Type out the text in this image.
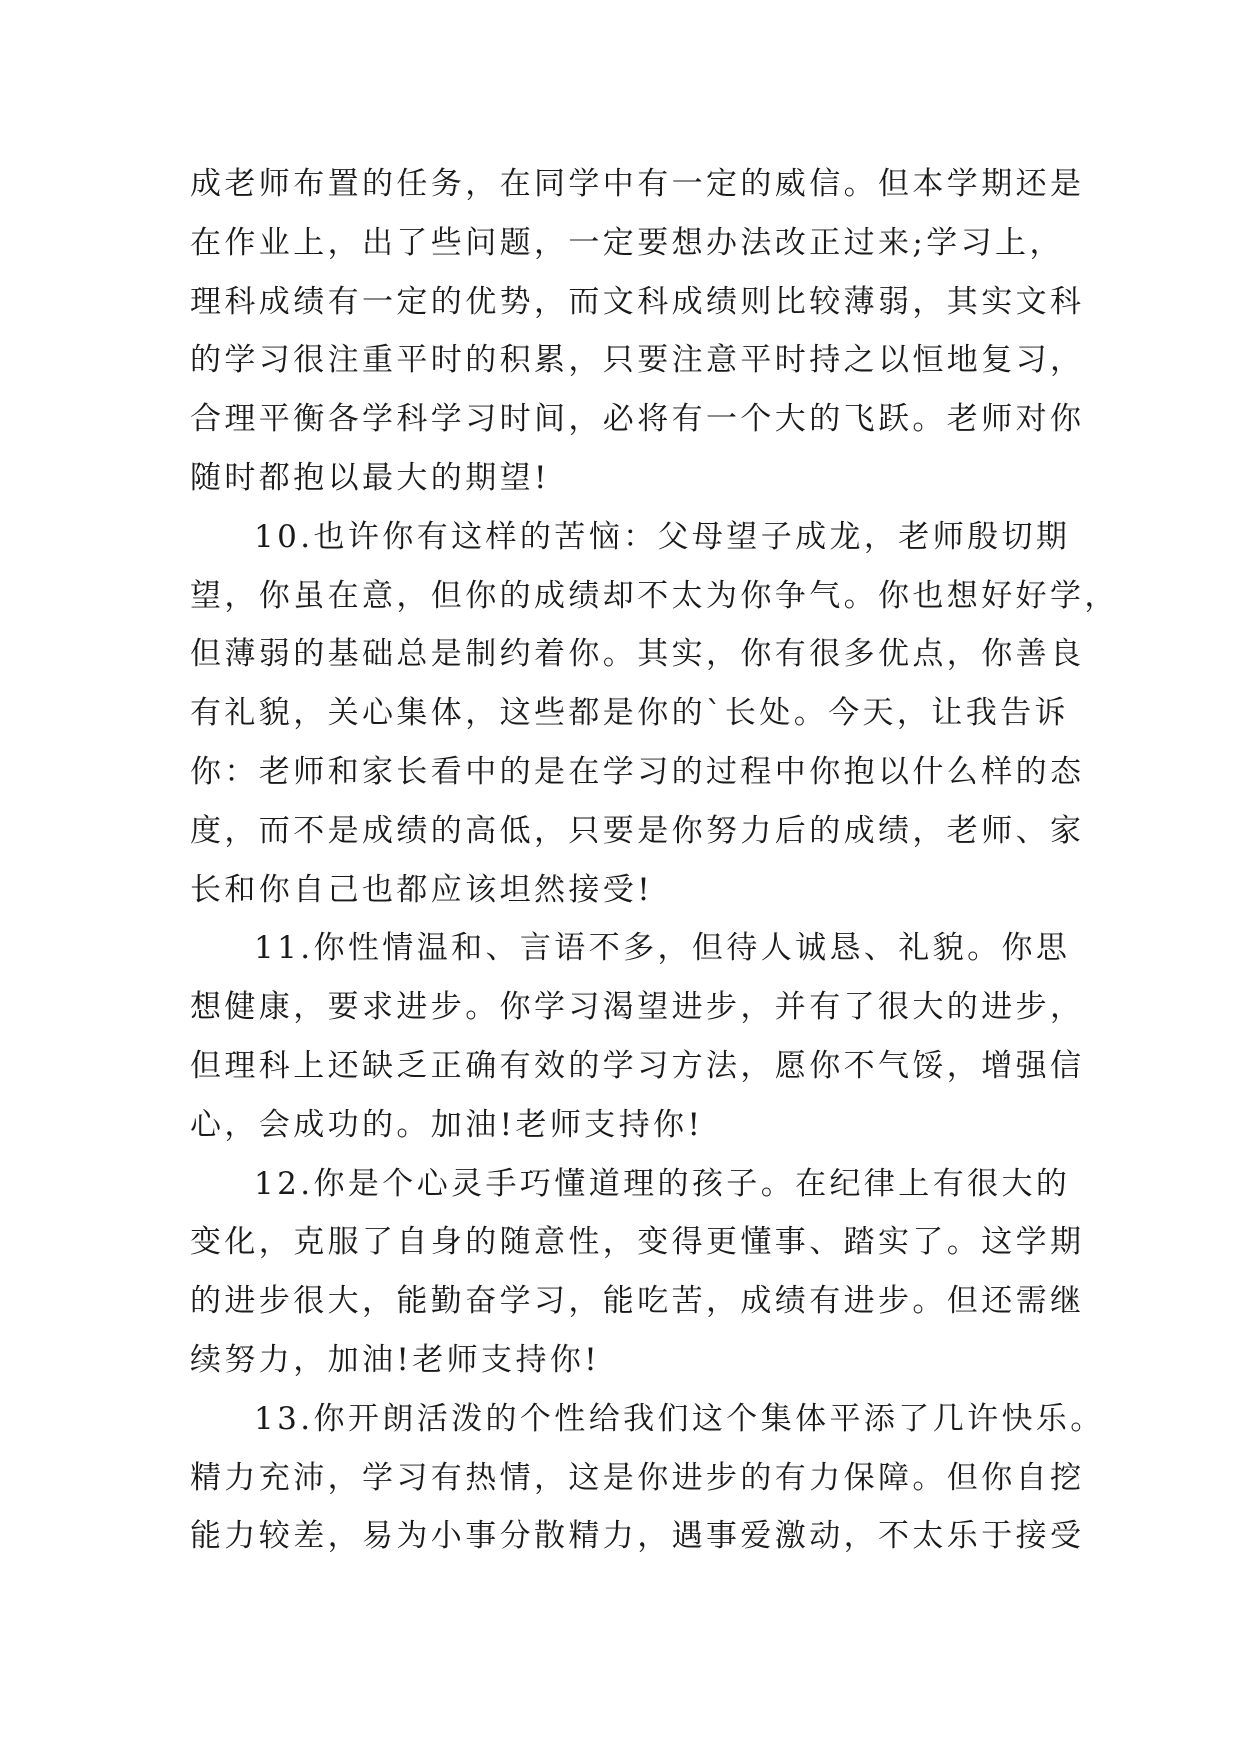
成老师布置的任务，在同学中有一定的威信。但本学期还是
在作业上，出了些问题，一定要想办法改正过来;学习上，
理科成绩有一定的优势，而文科成绩则比较薄弱，其实文科
的学习很注重平时的积累，只要注意平时持之以恒地复习，
合理平衡各学科学习时间，必将有一个大的飞跃。老师对你
随时都抱以最大的期望!
10.也许你有这样的苦恼：父母望子成龙，老师殷切期
望，你虽在意，但你的成绩却不太为你争气。你也想好好学，
但薄弱的基础总是制约着你。其实，你有很多优点，你善良
有礼貌，关心集体，这些都是你的`长处。今天，让我告诉
你：老师和家长看中的是在学习的过程中你抱以什么样的态
度，而不是成绩的高低，只要是你努力后的成绩，老师、家
长和你自己也都应该坦然接受!
11.你性情温和、言语不多，但待人诚恳、礼貌。你思
想健康，要求进步。你学习渴望进步，并有了很大的进步，
但理科上还缺乏正确有效的学习方法，愿你不气馁，增强信
心，会成功的。加油!老师支持你!
12.你是个心灵手巧懂道理的孩子。在纪律上有很大的
变化，克服了自身的随意性，变得更懂事、踏实了。这学期
的进步很大，能勤奋学习，能吃苦，成绩有进步。但还需继
续努力，加油!老师支持你!
13.你开朗活泼的个性给我们这个集体平添了几许快乐。
精力充沛，学习有热情，这是你进步的有力保障。但你自挖
能力较差，易为小事分散精力，遇事爱激动，不太乐于接受
